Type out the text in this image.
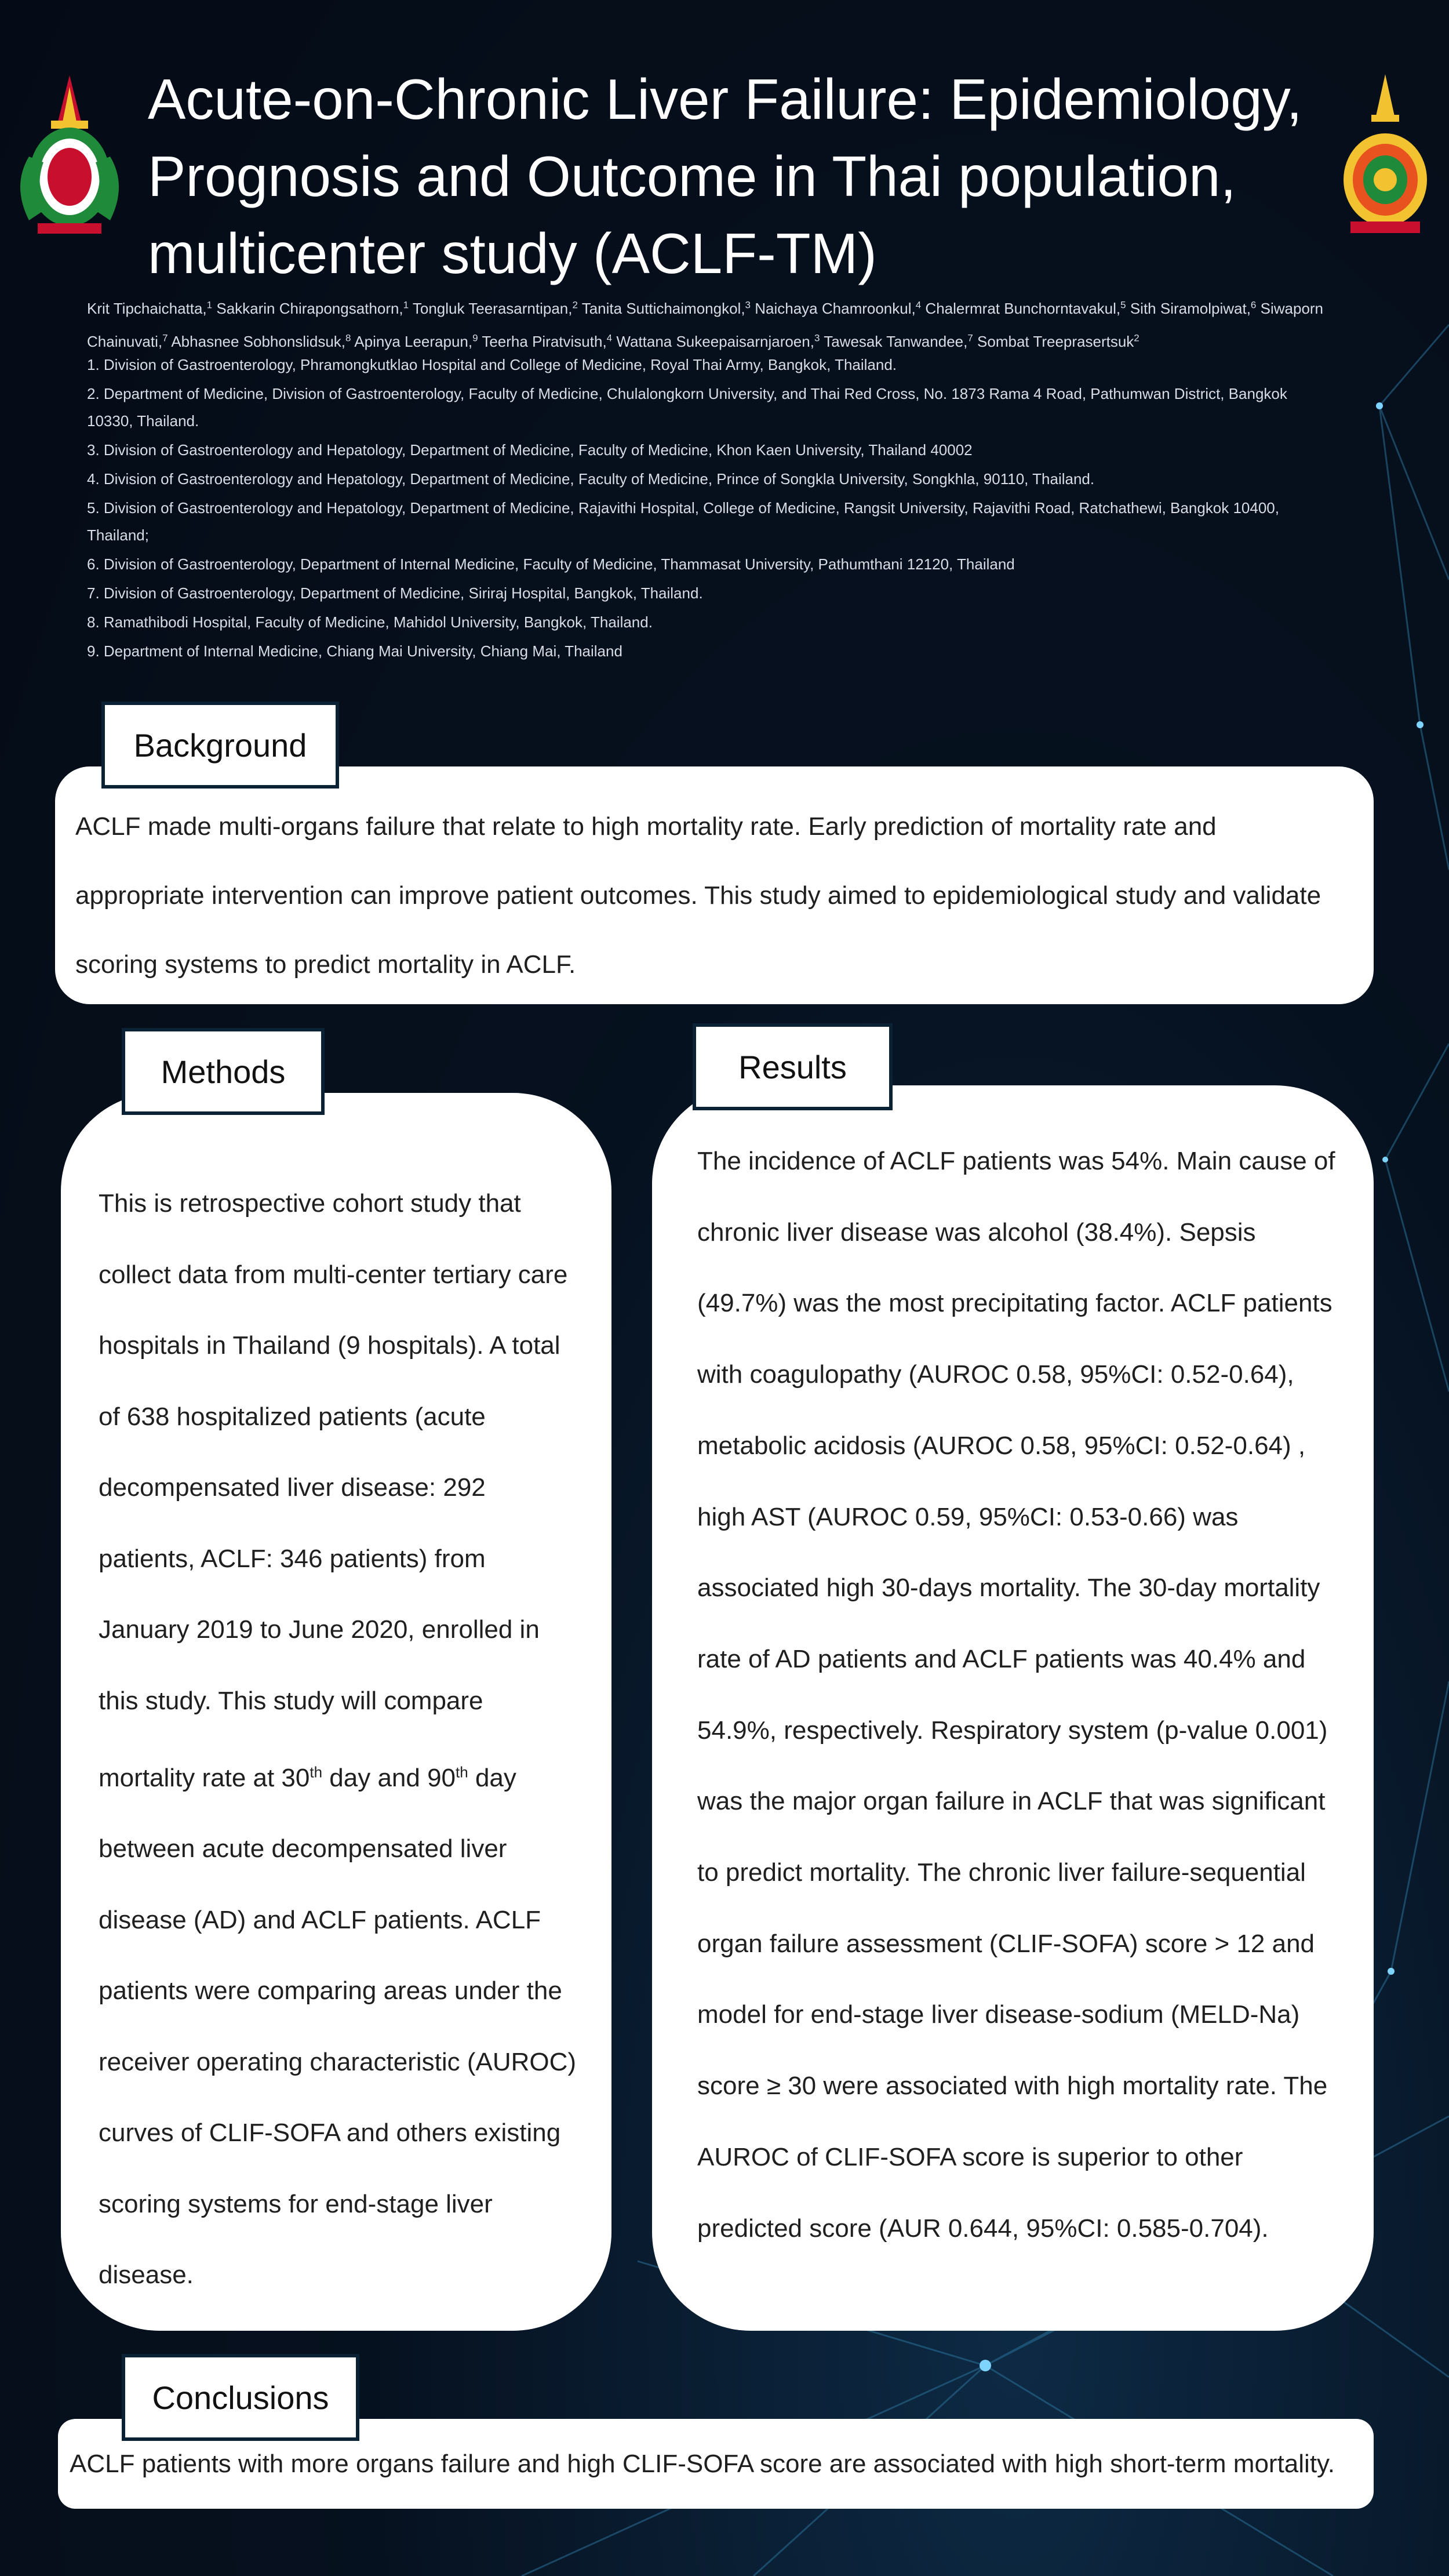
Acute-on-Chronic Liver Failure: Epidemiology, Prognosis and Outcome in Thai population, multicenter study (ACLF-TM)
Krit Tipchaichatta,$^1$ Sakkarin Chirapongsathorn,$^1$ Tongluk Teerasarntipan,$^2$ Tanita Suttichaimongkol,$^3$ Naichaya Chamroonkul,$^4$ Chalermrat Bunchorntavakul,$^5$ Sith Siramolpiwat,$^6$ Siwaporn Chainuvati,$^7$ Abhasnee Sobhonslidsuk,$^8$ Apinya Leerapun,$^9$ Teerha Piratvisuth,$^4$ Wattana Sukeepaisarnjaroen,$^3$ Tawesak Tanwandee,$^7$ Sombat Treeprasertsuk$^2$
1. Division of Gastroenterology, Phramongkutklao Hospital and College of Medicine, Royal Thai Army, Bangkok, Thailand.
2. Department of Medicine, Division of Gastroenterology, Faculty of Medicine, Chulalongkorn University, and Thai Red Cross, No. 1873 Rama 4 Road, Pathumwan District, Bangkok 10330, Thailand.
3. Division of Gastroenterology and Hepatology, Department of Medicine, Faculty of Medicine, Khon Kaen University, Thailand 40002
4. Division of Gastroenterology and Hepatology, Department of Medicine, Faculty of Medicine, Prince of Songkla University, Songkhla, 90110, Thailand.
5. Division of Gastroenterology and Hepatology, Department of Medicine, Rajavithi Hospital, College of Medicine, Rangsit University, Rajavithi Road, Ratchathewi, Bangkok 10400, Thailand;
6. Division of Gastroenterology, Department of Internal Medicine, Faculty of Medicine, Thammasat University, Pathumthani 12120, Thailand
7. Division of Gastroenterology, Department of Medicine, Siriraj Hospital, Bangkok, Thailand.
8. Ramathibodi Hospital, Faculty of Medicine, Mahidol University, Bangkok, Thailand.
9. Department of Internal Medicine, Chiang Mai University, Chiang Mai, Thailand
ACLF made multi-organs failure that relate to high mortality rate. Early prediction of mortality rate and appropriate intervention can improve patient outcomes. This study aimed to epidemiological study and validate scoring systems to predict mortality in ACLF.
Background
This is retrospective cohort study that collect data from multi-center tertiary care hospitals in Thailand (9 hospitals). A total of 638 hospitalized patients (acute decompensated liver disease: 292 patients, ACLF: 346 patients) from January 2019 to June 2020, enrolled in this study. This study will compare mortality rate at 30th day and 90th day between acute decompensated liver disease (AD) and ACLF patients. ACLF patients were comparing areas under the receiver operating characteristic (AUROC) curves of CLIF-SOFA and others existing scoring systems for end-stage liver disease.
Methods
The incidence of ACLF patients was 54%. Main cause of chronic liver disease was alcohol (38.4%). Sepsis (49.7%) was the most precipitating factor. ACLF patients with coagulopathy (AUROC 0.58, 95%CI: 0.52-0.64), metabolic acidosis (AUROC 0.58, 95%CI: 0.52-0.64) , high AST (AUROC 0.59, 95%CI: 0.53-0.66) was associated high 30-days mortality. The 30-day mortality rate of AD patients and ACLF patients was 40.4% and 54.9%, respectively. Respiratory system (p-value 0.001) was the major organ failure in ACLF that was significant to predict mortality. The chronic liver failure-sequential organ failure assessment (CLIF-SOFA) score > 12 and model for end-stage liver disease-sodium (MELD-Na) score ≥ 30 were associated with high mortality rate. The AUROC of CLIF-SOFA score is superior to other predicted score (AUR 0.644, 95%CI: 0.585-0.704).
Results
ACLF patients with more organs failure and high CLIF-SOFA score are associated with high short-term mortality.
Conclusions
